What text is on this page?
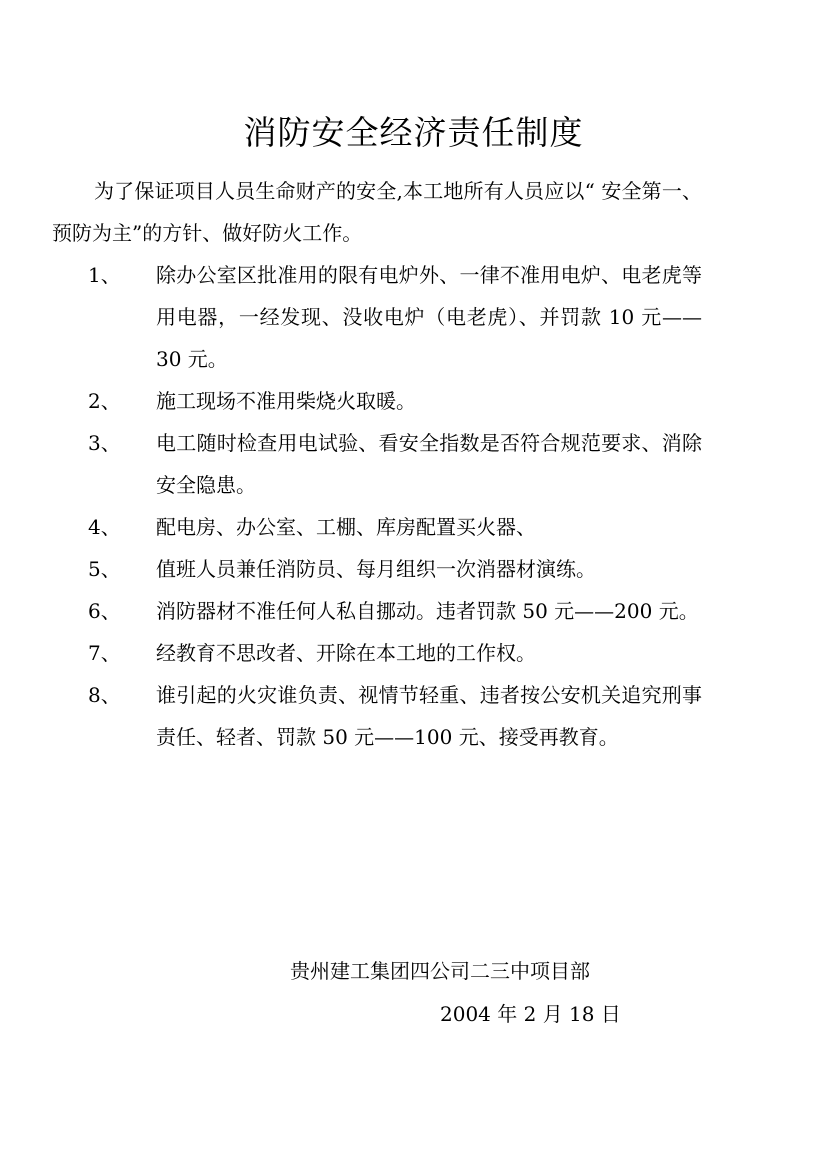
消防安全经济责任制度

为了保证项目人员生命财产的安全,本工地所有人员应以“ 安全第一、预防为主”的方针、做好防火工作。

1、	除办公室区批准用的限有电炉外、一律不准用电炉、电老虎等用电器，一经发现、没收电炉（电老虎）、并罚款 10 元——30 元。
2、	施工现场不准用柴烧火取暖。
3、	电工随时检查用电试验、看安全指数是否符合规范要求、消除安全隐患。
4、	配电房、办公室、工棚、库房配置买火器、
5、	值班人员兼任消防员、每月组织一次消器材演练。
6、	消防器材不准任何人私自挪动。违者罚款 50 元——200 元。
7、	经教育不思改者、开除在本工地的工作权。
8、	谁引起的火灾谁负责、视情节轻重、违者按公安机关追究刑事责任、轻者、罚款 50 元——100 元、接受再教育。

贵州建工集团四公司二三中项目部

2004 年 2 月 18 日
